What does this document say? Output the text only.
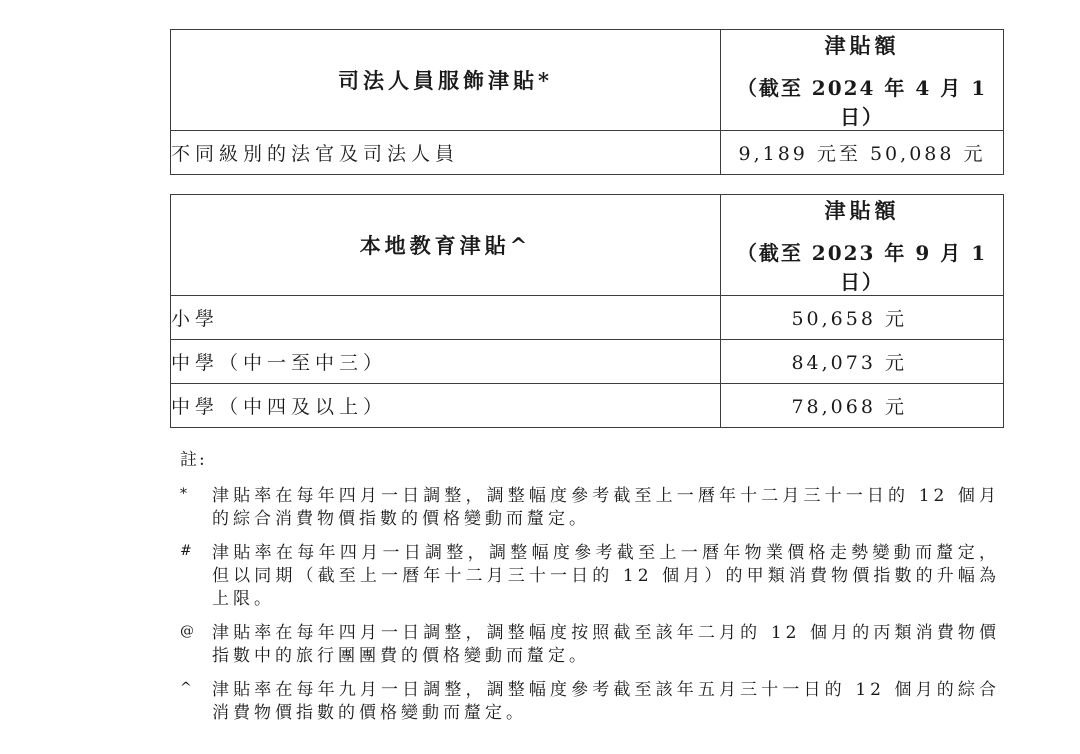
司法人員服飾津貼*	津貼額
（截至 2024 年 4 月 1 日）

不同級別的法官及司法人員	9,189 元至 50,088 元
本地教育津貼^	津貼額
（截至 2023 年 9 月 1 日）

小學	50,658 元
中學（中一至中三）	84,073 元
中學（中四及以上）	78,068 元
註:
* 津貼率在每年四月一日調整，調整幅度參考截至上一曆年十二月三十一日的 12 個月的綜合消費物價指數的價格變動而釐定。
# 津貼率在每年四月一日調整，調整幅度參考截至上一曆年物業價格走勢變動而釐定，但以同期（截至上一曆年十二月三十一日的 12 個月）的甲類消費物價指數的升幅為上限。
@ 津貼率在每年四月一日調整，調整幅度按照截至該年二月的 12 個月的丙類消費物價指數中的旅行團團費的價格變動而釐定。
^ 津貼率在每年九月一日調整，調整幅度參考截至該年五月三十一日的 12 個月的綜合消費物價指數的價格變動而釐定。
